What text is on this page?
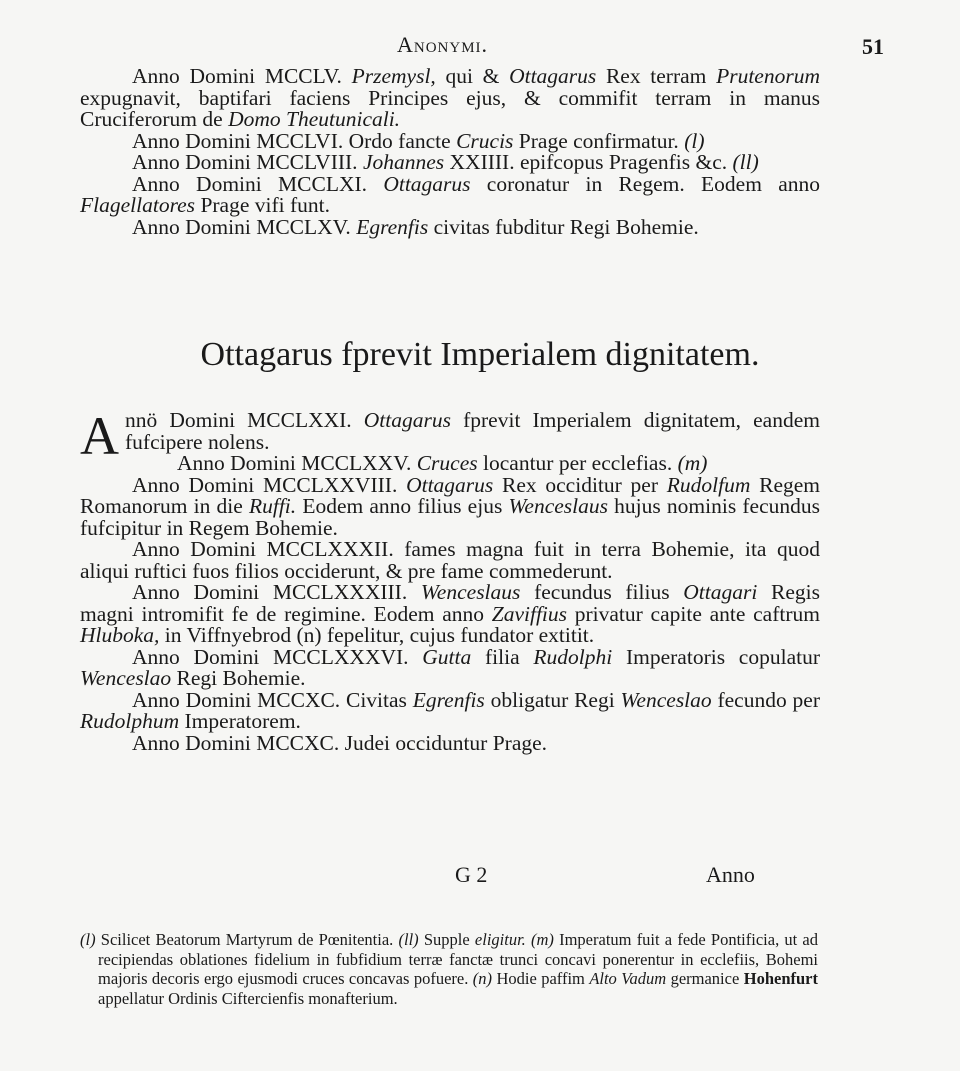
Anonymi.	51

Anno Domini MCCLV. Przemysl, qui & Ottagarus Rex terram Prutenorum expugnavit, baptifari faciens Principes ejus, & commifit terram in manus Cruciferorum de Domo Theutunicali.

Anno Domini MCCLVI. Ordo fancte Crucis Prage confirmatur. (l)

Anno Domini MCCLVIII. Johannes XXIIII. epifcopus Pragenfis &c. (ll)

Anno Domini MCCLXI. Ottagarus coronatur in Regem. Eodem anno Flagellatores Prage vifi funt.

Anno Domini MCCLXV. Egrenfis civitas fubditur Regi Bohemie.

Ottagarus fprevit Imperialem dignitatem.
A nnö Domini MCCLXXI. Ottagarus fprevit Imperialem dignitatem, eandem fufcipere nolens.

Anno Domini MCCLXXV. Cruces locantur per ecclefias. (m)

Anno Domini MCCLXXVIII. Ottagarus Rex occiditur per Rudolfum Regem Romanorum in die Ruffi. Eodem anno filius ejus Wenceslaus hujus nominis fecundus fufcipitur in Regem Bohemie.

Anno Domini MCCLXXXII. fames magna fuit in terra Bohemie, ita quod aliqui ruftici fuos filios occiderunt, & pre fame commederunt.

Anno Domini MCCLXXXIII. Wenceslaus fecundus filius Ottagari Regis magni intromifit fe de regimine. Eodem anno Zaviffius privatur capite ante caftrum Hluboka, in Viffnyebrod (n) fepelitur, cujus fundator extitit.

Anno Domini MCCLXXXVI. Gutta filia Rudolphi Imperatoris copulatur Wenceslao Regi Bohemie.

Anno Domini MCCXC. Civitas Egrenfis obligatur Regi Wenceslao fecundo per Rudolphum Imperatorem.

Anno Domini MCCXC. Judei occiduntur Prage.

G 2	Anno

(l) Scilicet Beatorum Martyrum de Pœnitentia. (ll) Supple eligitur. (m) Imperatum fuit a fede Pontificia, ut ad recipiendas oblationes fidelium in fubfidium terræ fanctæ trunci concavi ponerentur in ecclefiis, Bohemi majoris decoris ergo ejusmodi cruces concavas pofuere. (n) Hodie paffim Alto Vadum germanice Hohenfurt appellatur Ordinis Ciftercienfis monafterium.
